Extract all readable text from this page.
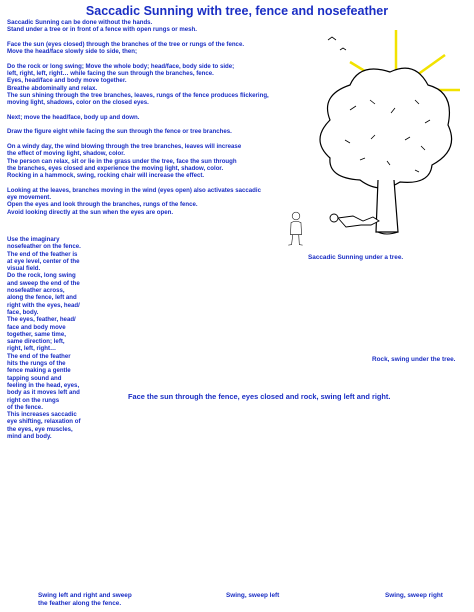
Saccadic Sunning with tree, fence and nosefeather

Saccadic Sunning can be done without the hands.
Stand under a tree or in front of a fence with open rungs or mesh.

Face the sun (eyes closed) through the branches of the tree or rungs of the fence.
Move the head/face slowly side to side, then;

Do the rock or long swing; Move the whole body; head/face, body side to side;
left, right, left, right… while facing the sun through the branches, fence.
Eyes, head/face and body move together.
Breathe abdominally and relax.
The sun shining through the tree branches, leaves, rungs of the fence produces flickering,
moving light, shadows, color on the closed eyes.

Next; move the head/face, body up and down.

Draw the figure eight while facing the sun through the fence or tree branches.

On a windy day, the wind blowing through the tree branches, leaves will increase
the effect of moving light, shadow, color.
The person can relax, sit or lie in the grass under the tree, face the sun through
the branches, eyes closed and experience the moving light, shadow, color.
Rocking in a hammock, swing, rocking chair will increase the effect.

Looking at the leaves, branches moving in the wind (eyes open) also activates saccadic
eye movement.
Open the eyes and look through the branches, rungs of the fence.
Avoid looking directly at the sun when the eyes are open.

Use the imaginary
nosefeather on the fence.
The end of the feather is
at eye level, center of the
visual field.
Do the rock, long swing
and sweep the end of the
nosefeather across,
along the fence, left and
right with the eyes, head/
face, body.
The eyes, feather, head/
face and body move
together, same time,
same direction; left,
right, left, right…
The end of the feather
hits the rungs of the
fence making a gentle
tapping sound and
feeling in the head, eyes,
body as it moves left and
right on the rungs
of the fence.
This increases saccadic
eye shifting, relaxation of
the eyes, eye muscles,
mind and body.
Saccadic Sunning under a tree.
Rock, swing under the tree.
Face the sun through the fence, eyes closed and rock, swing left and right.
Swing left and right and sweep
the feather along the fence.
Swing, sweep left	Swing, sweep right
